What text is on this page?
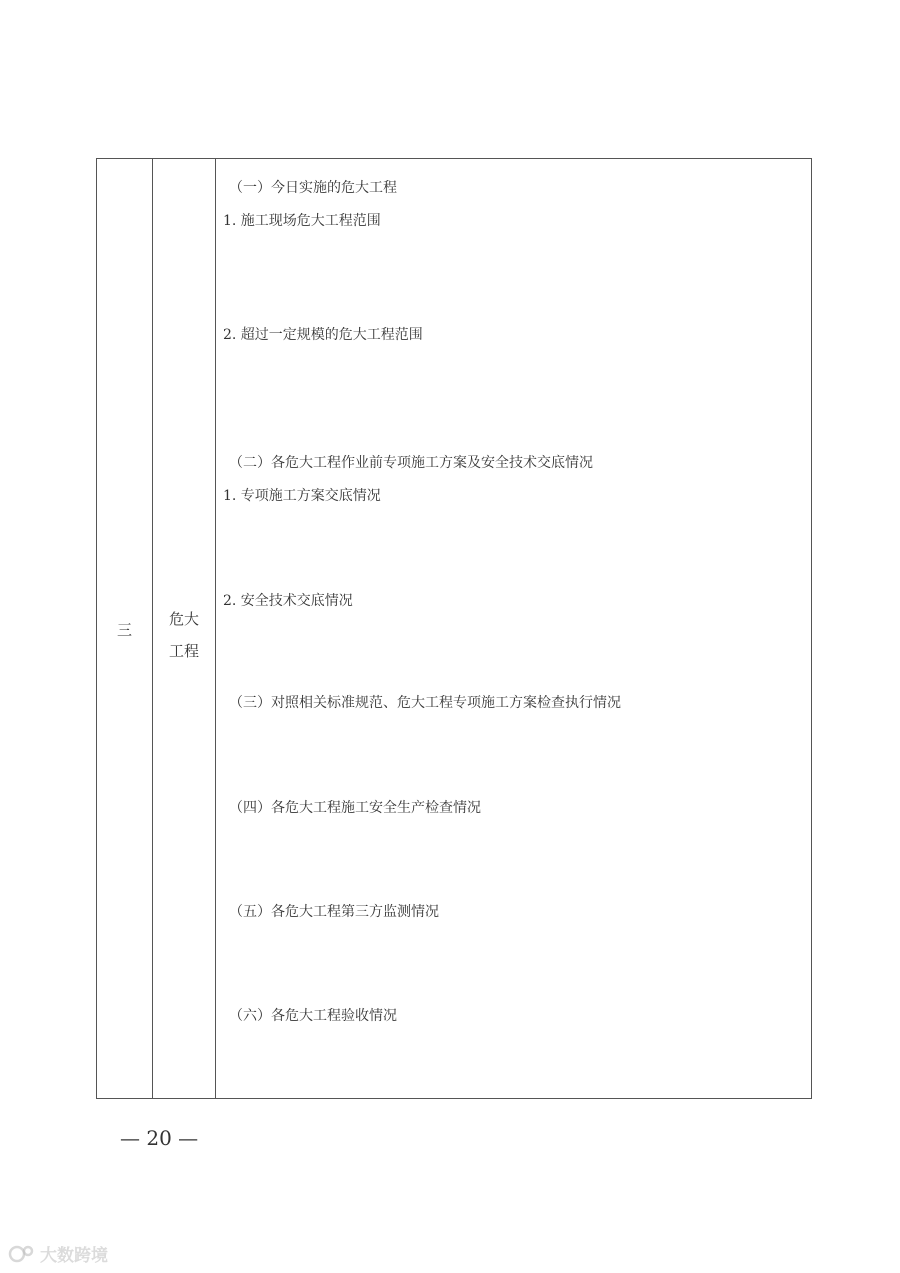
三
危大
工程
（一）今日实施的危大工程
1. 施工现场危大工程范围
2. 超过一定规模的危大工程范围
（二）各危大工程作业前专项施工方案及安全技术交底情况
1. 专项施工方案交底情况
2. 安全技术交底情况
（三）对照相关标准规范、危大工程专项施工方案检查执行情况
（四）各危大工程施工安全生产检查情况
（五）各危大工程第三方监测情况
（六）各危大工程验收情况
— 20 —
大数跨境
